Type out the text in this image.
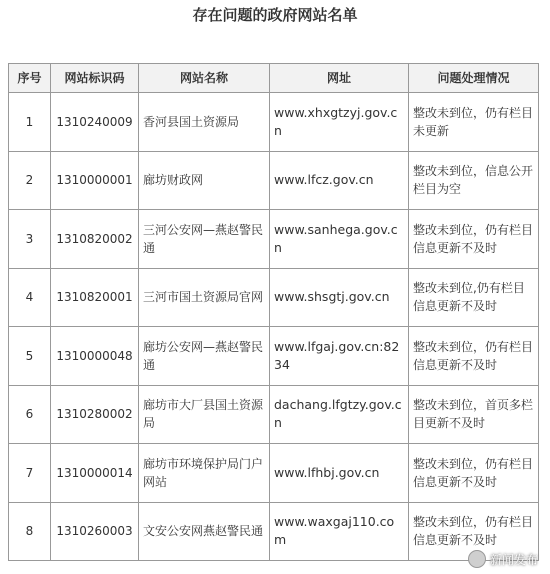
存在问题的政府网站名单
序号	网站标识码	网站名称	网址	问题处理情况
1	1310240009	香河县国土资源局	www.xhxgtzyj.gov.cn	整改未到位，仍有栏目未更新
2	1310000001	廊坊财政网	www.lfcz.gov.cn	整改未到位，信息公开栏目为空
3	1310820002	三河公安网—燕赵警民通	www.sanhega.gov.cn	整改未到位，仍有栏目信息更新不及时
4	1310820001	三河市国土资源局官网	www.shsgtj.gov.cn	整改未到位,仍有栏目信息更新不及时
5	1310000048	廊坊公安网—燕赵警民通	www.lfgaj.gov.cn:8234	整改未到位，仍有栏目信息更新不及时
6	1310280002	廊坊市大厂县国土资源局	dachang.lfgtzy.gov.cn	整改未到位，首页多栏目更新不及时
7	1310000014	廊坊市环境保护局门户网站	www.lfhbj.gov.cn	整改未到位，仍有栏目信息更新不及时
8	1310260003	文安公安网燕赵警民通	www.waxgaj110.com	整改未到位，仍有栏目信息更新不及时
新闻发布
